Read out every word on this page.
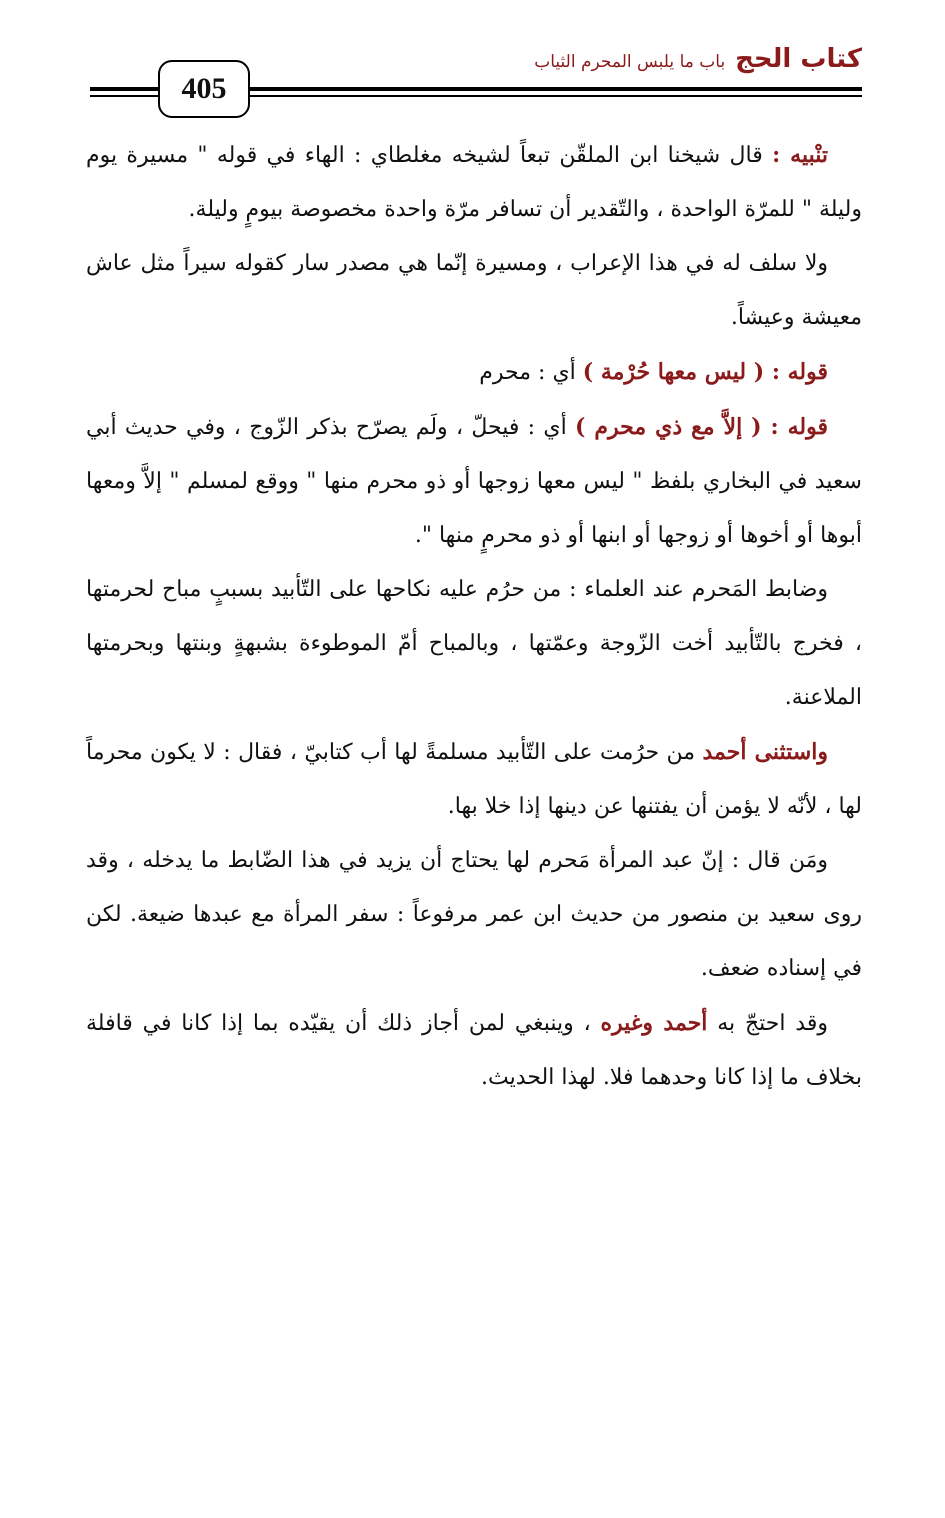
405
كتاب الحج
باب ما يلبس المحرم الثياب

تنْبيه : قال شيخنا ابن الملقّن تبعاً لشيخه مغلطاي : الهاء في قوله " مسيرة يوم وليلة " للمرّة الواحدة ، والتّقدير أن تسافر مرّة واحدة مخصوصة بيومٍ وليلة.

ولا سلف له في هذا الإعراب ، ومسيرة إنّما هي مصدر سار كقوله سيراً مثل عاش معيشة وعيشاً.

قوله : ( ليس معها حُرْمة ) أي : محرم

قوله : ( إلاَّ مع ذي محرم ) أي : فيحلّ ، ولَم يصرّح بذكر الزّوج ، وفي حديث أبي سعيد في البخاري بلفظ " ليس معها زوجها أو ذو محرم منها " ووقع لمسلم " إلاَّ ومعها أبوها أو أخوها أو زوجها أو ابنها أو ذو محرمٍ منها ".

وضابط المَحرم عند العلماء : من حرُم عليه نكاحها على التّأبيد بسببٍ مباح لحرمتها ، فخرج بالتّأبيد أخت الزّوجة وعمّتها ، وبالمباح أمّ الموطوءة بشبهةٍ وبنتها وبحرمتها الملاعنة.

واستثنى أحمد من حرُمت على التّأبيد مسلمةً لها أب كتابيّ ، فقال : لا يكون محرماً لها ، لأنّه لا يؤمن أن يفتنها عن دينها إذا خلا بها.

ومَن قال : إنّ عبد المرأة مَحرم لها يحتاج أن يزيد في هذا الضّابط ما يدخله ، وقد روى سعيد بن منصور من حديث ابن عمر مرفوعاً : سفر المرأة مع عبدها ضيعة. لكن في إسناده ضعف.

وقد احتجّ به أحمد وغيره ، وينبغي لمن أجاز ذلك أن يقيّده بما إذا كانا في قافلة بخلاف ما إذا كانا وحدهما فلا. لهذا الحديث.
